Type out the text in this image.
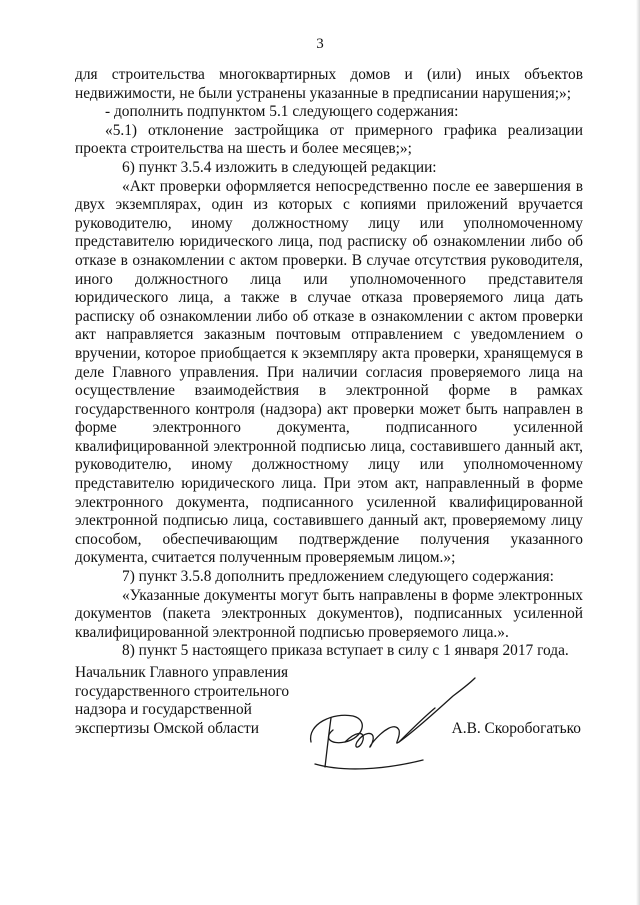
3

для строительства многоквартирных домов и (или) иных объектов недвижимости, не были устранены указанные в предписании нарушения;»;

- дополнить подпунктом 5.1 следующего содержания:

«5.1) отклонение застройщика от примерного графика реализации проекта строительства на шесть и более месяцев;»;

6) пункт 3.5.4 изложить в следующей редакции:

«Акт проверки оформляется непосредственно после ее завершения в двух экземплярах, один из которых с копиями приложений вручается руководителю, иному должностному лицу или уполномоченному представителю юридического лица, под расписку об ознакомлении либо об отказе в ознакомлении с актом проверки. В случае отсутствия руководителя, иного должностного лица или уполномоченного представителя юридического лица, а также в случае отказа проверяемого лица дать расписку об ознакомлении либо об отказе в ознакомлении с актом проверки акт направляется заказным почтовым отправлением с уведомлением о вручении, которое приобщается к экземпляру акта проверки, хранящемуся в деле Главного управления. При наличии согласия проверяемого лица на осуществление взаимодействия в электронной форме в рамках государственного контроля (надзора) акт проверки может быть направлен в форме электронного документа, подписанного усиленной квалифицированной электронной подписью лица, составившего данный акт, руководителю, иному должностному лицу или уполномоченному представителю юридического лица. При этом акт, направленный в форме электронного документа, подписанного усиленной квалифицированной электронной подписью лица, составившего данный акт, проверяемому лицу способом, обеспечивающим подтверждение получения указанного документа, считается полученным проверяемым лицом.»;

7) пункт 3.5.8 дополнить предложением следующего содержания:

«Указанные документы могут быть направлены в форме электронных документов (пакета электронных документов), подписанных усиленной квалифицированной электронной подписью проверяемого лица.».

8) пункт 5 настоящего приказа вступает в силу с 1 января 2017 года.

Начальник Главного управления
государственного строительного
надзора и государственной
экспертизы Омской области	А.В. Скоробогатько
